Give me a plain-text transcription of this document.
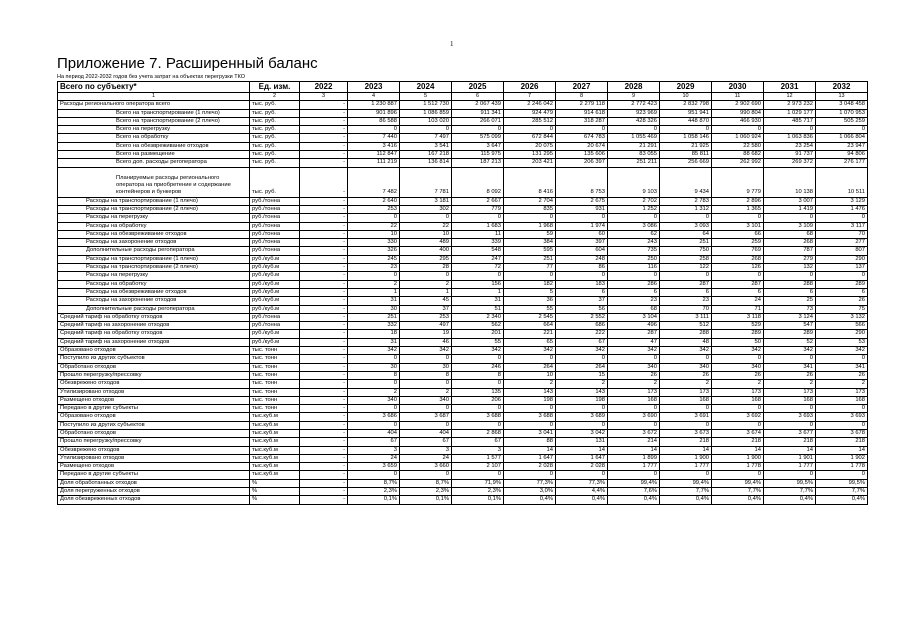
1
Приложение 7. Расширенный баланс
На период 2022-2032 годов без учета затрат на объектах перегрузки ТКО
Всего по субъекту*	Ед. изм.	2022	2023	2024	2025	2026	2027	2028	2029	2030	2031	2032
1	2	3	4	5	6	7	8	9	10	11	12	13
Расходы регионального оператора всего	тыс. руб.	-	1 230 887	1 512 730	2 067 439	2 246 042	2 279 118	2 772 423	2 832 798	2 902 690	2 973 232	3 048 458
Всего на транспортирование (1 плечо)	тыс. руб.	-	901 896	1 086 859	911 341	924 479	914 618	923 969	951 941	990 804	1 029 177	1 070 953
Всего на транспортирование (2 плечо)	тыс. руб.	-	86 588	103 020	266 071	285 512	318 287	428 326	448 870	466 930	485 717	505 259
Всего на перегрузку	тыс. руб.	-	0	0	0	0	0	0	0	0	0	0
Всего на обработку	тыс. руб.	-	7 440	7 497	575 099	672 844	674 783	1 055 469	1 058 146	1 060 924	1 063 836	1 066 804
Всего на обезвреживание отходов	тыс. руб.	-	3 416	3 541	3 647	20 075	20 674	21 291	21 925	22 580	23 254	23 947
Всего на размещение	тыс. руб.	-	112 847	167 218	115 975	131 295	135 606	83 055	85 811	88 682	91 737	94 806
Всего доп. расходы регоператора	тыс. руб.	-	111 219	136 814	187 213	203 421	206 397	251 211	256 669	262 992	269 372	276 177
Планируемые расходы регионального оператора на приобретение и содержание контейнеров и бункеров	тыс. руб.	-	7 482	7 781	8 092	8 416	8 753	9 103	9 434	9 779	10 138	10 511
Расходы на транспортирование (1 плечо)	руб./тонна	-	2 640	3 181	2 667	2 704	2 675	2 702	2 783	2 896	3 007	3 129
Расходы на транспортирование (2 плечо)	руб./тонна	-	253	302	779	835	931	1 252	1 312	1 365	1 419	1 476
Расходы на перегрузку	руб./тонна	-	0	0	0	0	0	0	0	0	0	0
Расходы на обработку	руб./тонна	-	22	22	1 683	1 968	1 974	3 086	3 093	3 101	3 109	3 117
Расходы на обезвреживание отходов	руб./тонна	-	10	10	11	59	60	62	64	66	68	70
Расходы на захоронение отходов	руб./тонна	-	330	489	339	384	397	243	251	259	268	277
Дополнительные расходы регоператора	руб./тонна	-	326	400	548	595	604	735	750	769	787	807
Расходы на транспортирование (1 плечо)	руб./куб.м	-	245	295	247	251	248	250	258	268	279	290
Расходы на транспортирование (2 плечо)	руб./куб.м	-	23	28	72	77	86	116	122	126	132	137
Расходы на перегрузку	руб./куб.м	-	0	0	0	0	0	0	0	0	0	0
Расходы на обработку	руб./куб.м	-	2	2	156	182	183	286	287	287	288	289
Расходы на обезвреживание отходов	руб./куб.м	-	1	1	1	5	6	6	6	6	6	6
Расходы на захоронение отходов	руб./куб.м	-	31	45	31	36	37	23	23	24	25	26
Дополнительные расходы регоператора	руб./куб.м	-	30	37	51	55	56	68	70	71	73	75
Средний тариф на обработку отходов	руб./тонна	-	251	253	2 340	2 545	2 552	3 104	3 111	3 118	3 124	3 132
Средний тариф на захоронение отходов	руб./тонна	-	332	497	562	664	686	496	512	529	547	566
Средний тариф на обработку отходов	руб./куб.м	-	18	19	201	221	222	287	288	289	289	290
Средний тариф на захоронение отходов	руб./куб.м	-	31	46	55	65	67	47	48	50	52	53
Образовано отходов	тыс. тонн	-	342	342	342	342	342	342	342	342	342	342
Поступило из других субъектов	тыс. тонн	-	0	0	0	0	0	0	0	0	0	0
Обработано отходов	тыс. тонн	-	30	30	246	264	264	340	340	340	341	341
Прошло перегрузку/прессовку	тыс. тонн	-	8	8	8	10	15	26	26	26	26	26
Обезврежено отходов	тыс. тонн	-	0	0	0	2	2	2	2	2	2	2
Утилизировано отходов	тыс. тонн	-	2	2	135	143	143	173	173	173	173	173
Размещено отходов	тыс. тонн	-	340	340	206	198	198	168	168	168	168	168
Передано в другие субъекты	тыс. тонн	-	0	0	0	0	0	0	0	0	0	0
Образовано отходов	тыс.куб.м	-	3 686	3 687	3 688	3 688	3 689	3 690	3 691	3 692	3 693	3 693
Поступило из других субъектов	тыс.куб.м	-	0	0	0	0	0	0	0	0	0	0
Обработано отходов	тыс.куб.м	-	404	404	2 868	3 041	3 042	3 672	3 673	3 674	3 677	3 678
Прошло перегрузку/прессовку	тыс.куб.м	-	67	67	67	88	131	214	218	218	218	218
Обезврежено отходов	тыс.куб.м	-	3	3	3	14	14	14	14	14	14	14
Утилизировано отходов	тыс.куб.м	-	24	24	1 577	1 647	1 647	1 899	1 900	1 900	1 901	1 902
Размещено отходов	тыс.куб.м	-	3 659	3 660	2 107	2 028	2 028	1 777	1 777	1 778	1 777	1 778
Передано в другие субъекты	тыс.куб.м	-	0	0	0	0	0	0	0	0	0	0
Доля обработанных отходов	%	-	8,7%	8,7%	71,9%	77,3%	77,3%	99,4%	99,4%	99,4%	99,5%	99,5%
Доля перегруженных отходов	%	-	2,3%	2,3%	2,3%	3,0%	4,4%	7,6%	7,7%	7,7%	7,7%	7,7%
Доля обезвреженных отходов	%	-	0,1%	0,1%	0,1%	0,4%	0,4%	0,4%	0,4%	0,4%	0,4%	0,4%
